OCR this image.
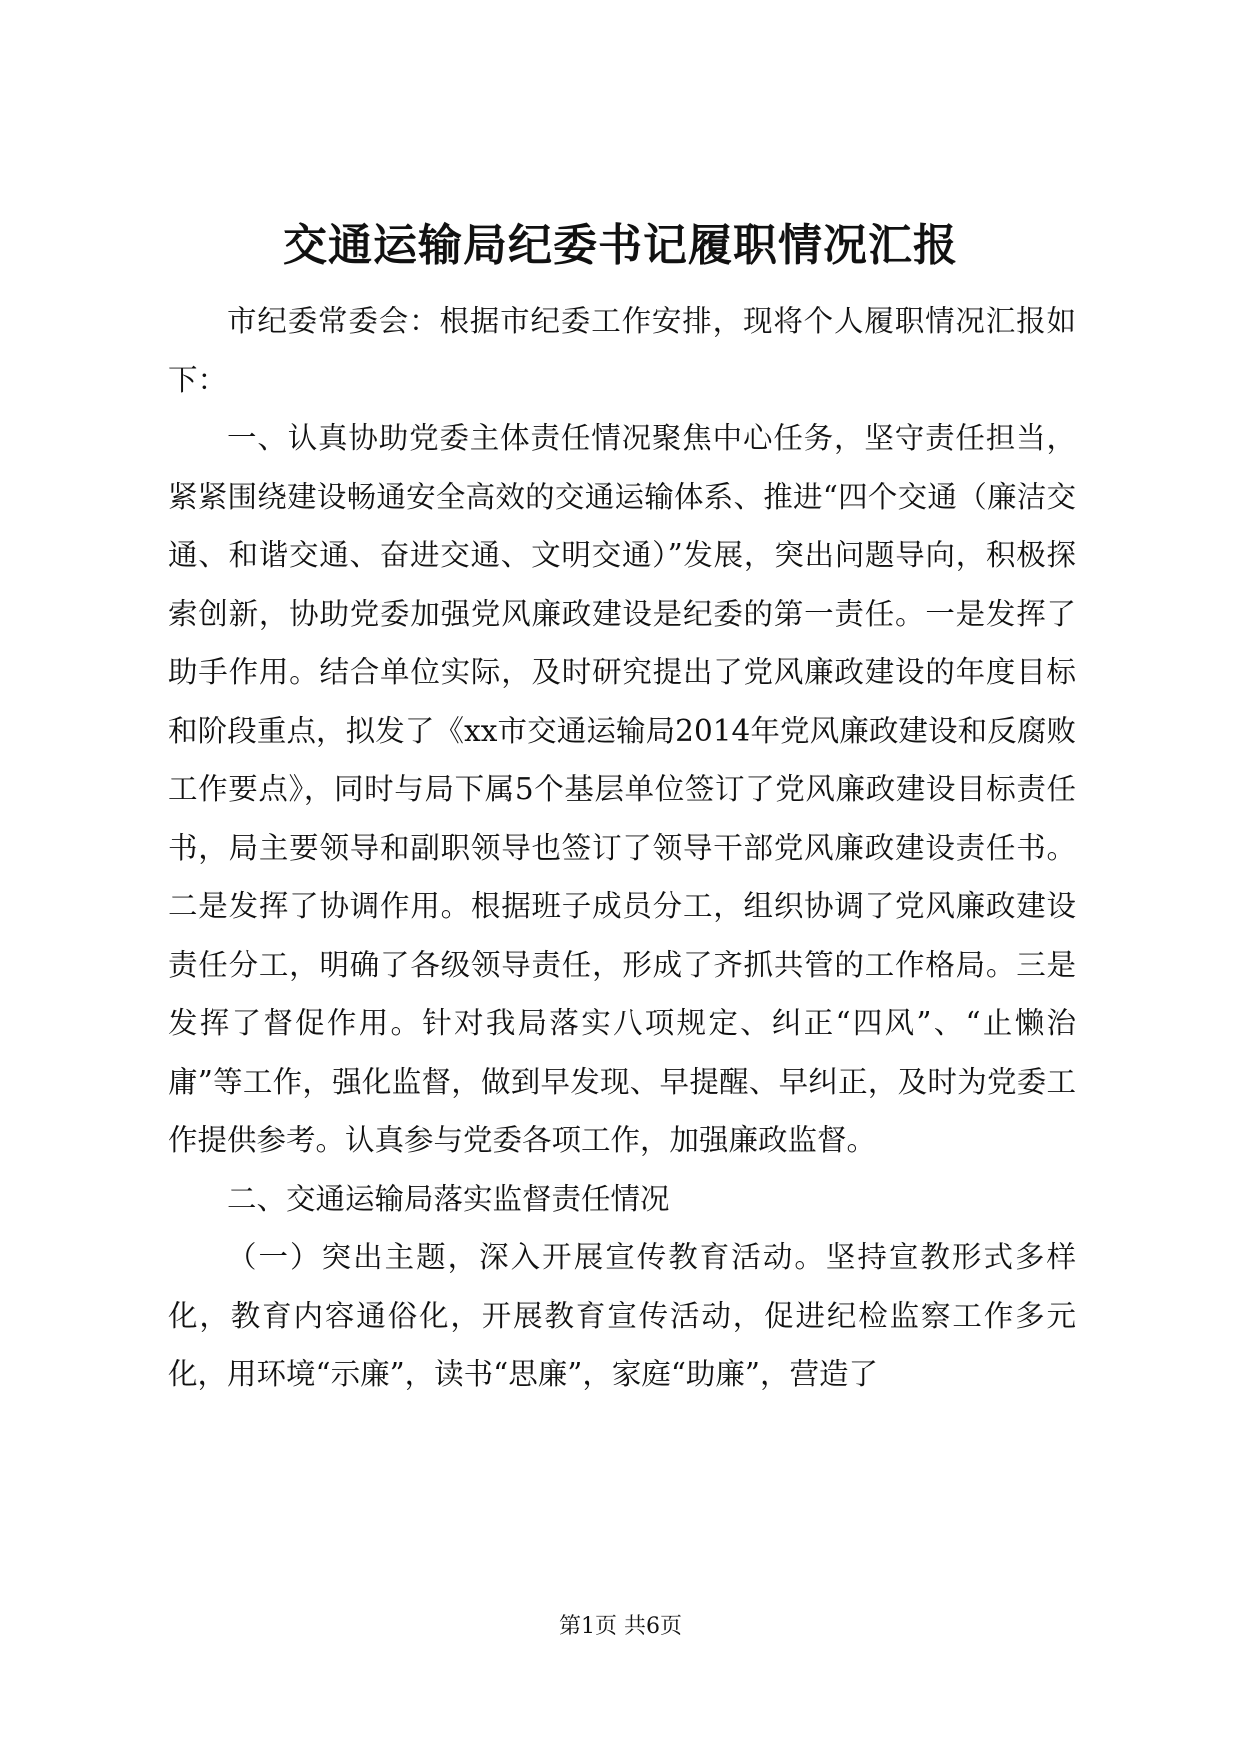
交通运输局纪委书记履职情况汇报

市纪委常委会：根据市纪委工作安排，现将个人履职情况汇报如下：

一、认真协助党委主体责任情况聚焦中心任务，坚守责任担当，紧紧围绕建设畅通安全高效的交通运输体系、推进“四个交通（廉洁交通、和谐交通、奋进交通、文明交通）”发展，突出问题导向，积极探索创新，协助党委加强党风廉政建设是纪委的第一责任。一是发挥了助手作用。结合单位实际，及时研究提出了党风廉政建设的年度目标和阶段重点，拟发了《xx市交通运输局2014年党风廉政建设和反腐败工作要点》，同时与局下属5个基层单位签订了党风廉政建设目标责任书，局主要领导和副职领导也签订了领导干部党风廉政建设责任书。二是发挥了协调作用。根据班子成员分工，组织协调了党风廉政建设责任分工，明确了各级领导责任，形成了齐抓共管的工作格局。三是发挥了督促作用。针对我局落实八项规定、纠正“四风”、“止懒治庸”等工作，强化监督，做到早发现、早提醒、早纠正，及时为党委工作提供参考。认真参与党委各项工作，加强廉政监督。

二、交通运输局落实监督责任情况

（一）突出主题，深入开展宣传教育活动。坚持宣教形式多样化，教育内容通俗化，开展教育宣传活动，促进纪检监察工作多元化，用环境“示廉”，读书“思廉”，家庭“助廉”，营造了

第1页 共6页
